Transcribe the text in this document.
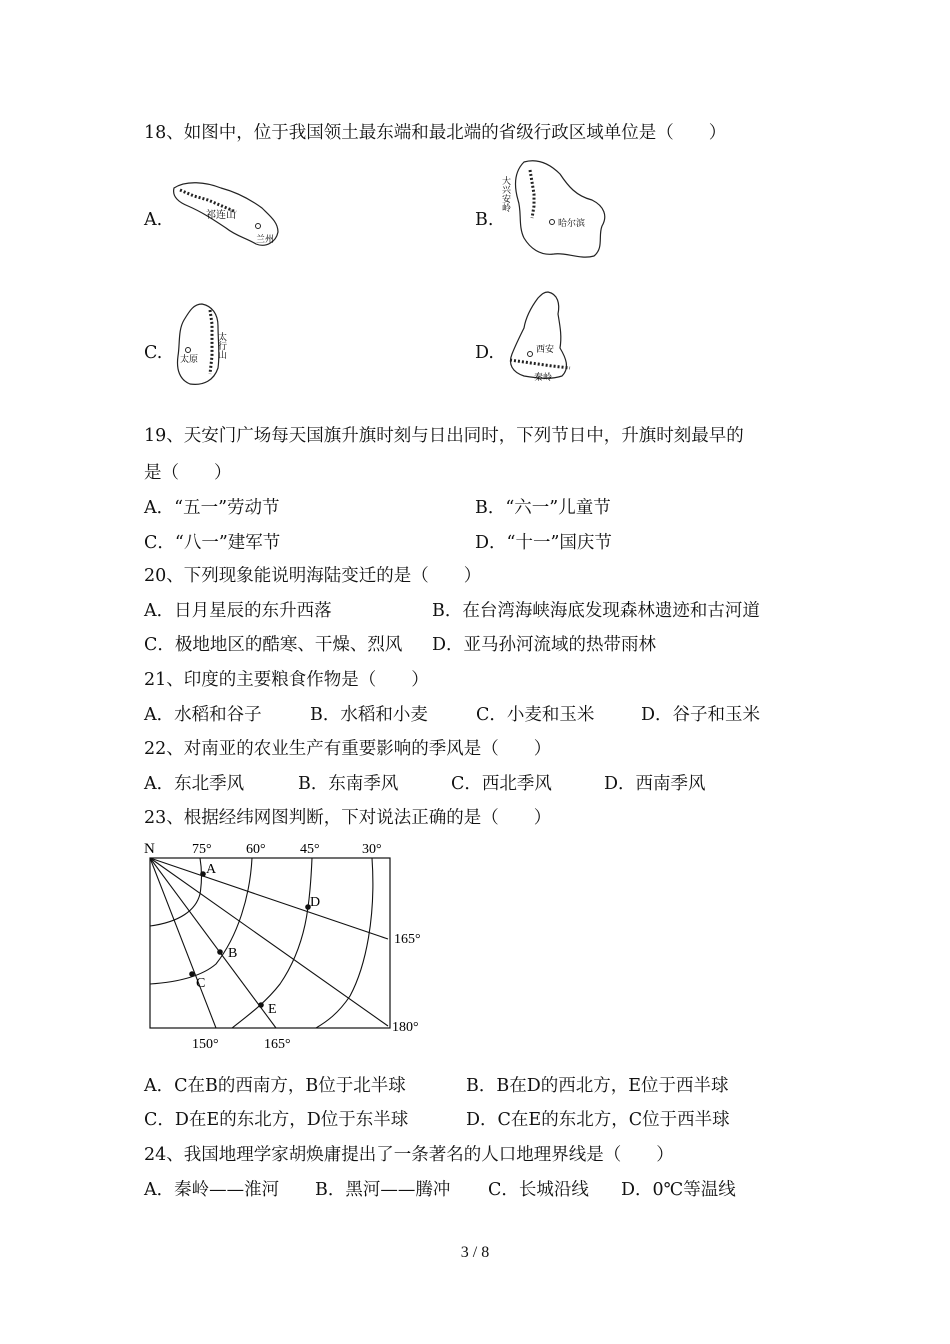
18、如图中，位于我国领土最东端和最北端的省级行政区域单位是（　　）
A.	祁连山
兰州
B.
大兴安岭
哈尔滨
C.	太行山
太原	D.	西安
秦岭
19、天安门广场每天国旗升旗时刻与日出同时，下列节日中，升旗时刻最早的
是（　　）
A．“五一”劳动节	B．“六一”儿童节
C．“八一”建军节	D．“十一”国庆节
20、下列现象能说明海陆变迁的是（　　）
A．日月星辰的东升西落	B．在台湾海峡海底发现森林遗迹和古河道
C．极地地区的酷寒、干燥、烈风 D．亚马孙河流域的热带雨林
21、印度的主要粮食作物是（　　）
A．水稻和谷子	B．水稻和小麦	C．小麦和玉米	D．谷子和玉米
22、对南亚的农业生产有重要影响的季风是（　　）
A．东北季风	B．东南季风	C．西北季风	D．西南季风
23、根据经纬网图判断，下对说法正确的是（　　）
N	75° 60° 45°	30°
165°
180°
150°	165°
A
B
C
D
E
A．C在B的西南方，B位于北半球	B．B在D的西北方，E位于西半球
C．D在E的东北方，D位于东半球	D．C在E的东北方，C位于西半球
24、我国地理学家胡焕庸提出了一条著名的人口地理界线是（　　）
A．秦岭——淮河 B．黑河——腾冲 C．长城沿线 D．0℃等温线
3 / 8
